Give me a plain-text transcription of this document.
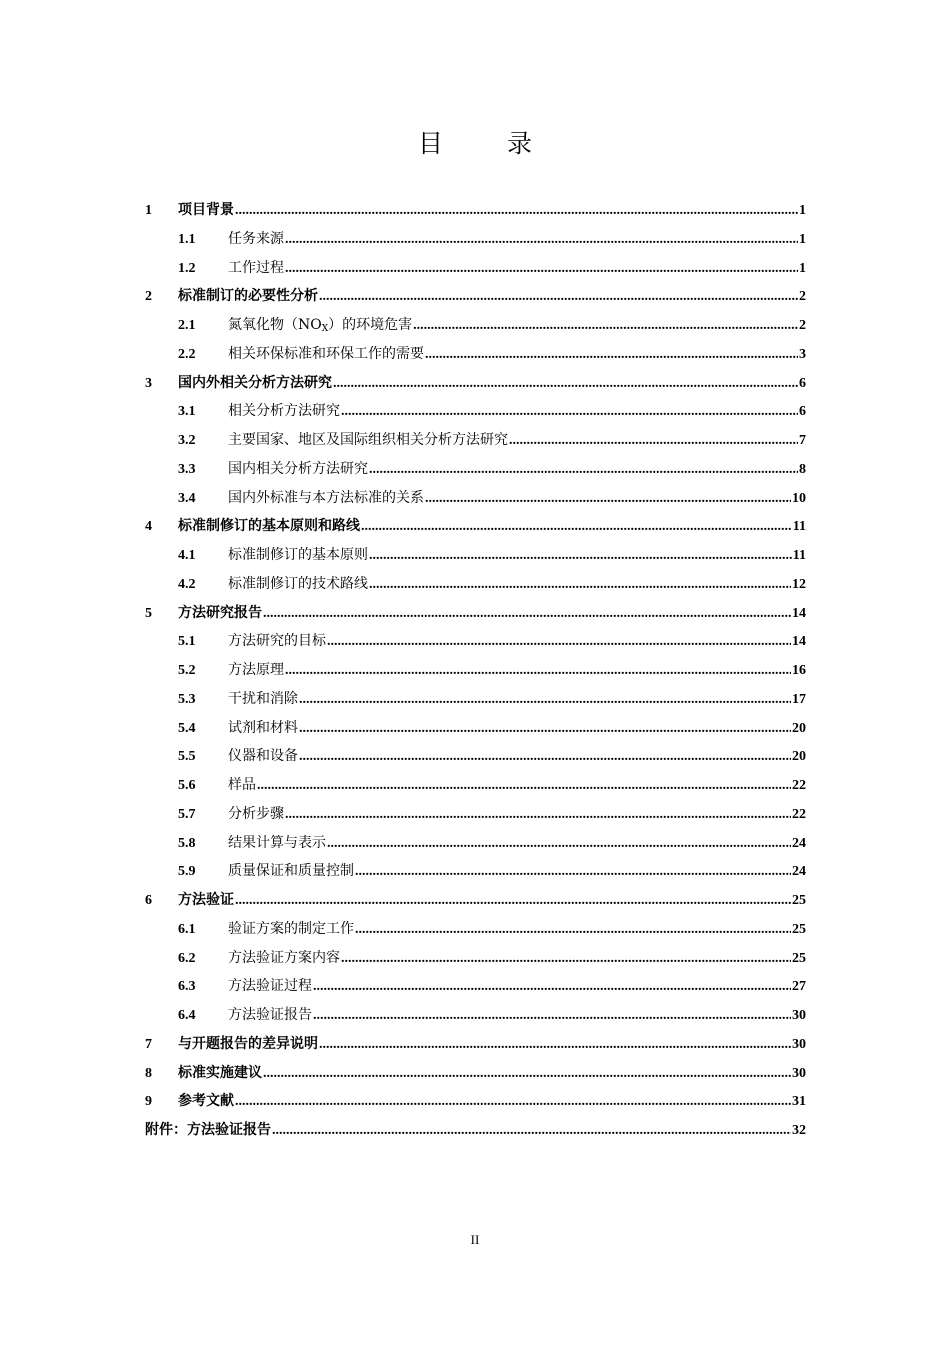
目 录
1	项目背景 .....	1
1.1	任务来源 .....	1
1.2	工作过程 .....	1
2	标准制订的必要性分析 .....	2
2.1	氮氧化物（NOX）的环境危害 .....	2
2.2	相关环保标准和环保工作的需要 .....	3
3	国内外相关分析方法研究 .....	6
3.1	相关分析方法研究 .....	6
3.2	主要国家、地区及国际组织相关分析方法研究 .....	7
3.3	国内相关分析方法研究 .....	8
3.4	国内外标准与本方法标准的关系 .....	10
4	标准制修订的基本原则和路线 .....	11
4.1	标准制修订的基本原则 .....	11
4.2	标准制修订的技术路线 .....	12
5	方法研究报告 .....	14
5.1	方法研究的目标 .....	14
5.2	方法原理 .....	16
5.3	干扰和消除 .....	17
5.4	试剂和材料 .....	20
5.5	仪器和设备 .....	20
5.6	样品 .....	22
5.7	分析步骤 .....	22
5.8	结果计算与表示 .....	24
5.9	质量保证和质量控制 .....	24
6	方法验证 .....	25
6.1	验证方案的制定工作 .....	25
6.2	方法验证方案内容 .....	25
6.3	方法验证过程 .....	27
6.4	方法验证报告 .....	30
7	与开题报告的差异说明 .....	30
8	标准实施建议 .....	30
9	参考文献 .....	31
附件：方法验证报告 .....	32
II
